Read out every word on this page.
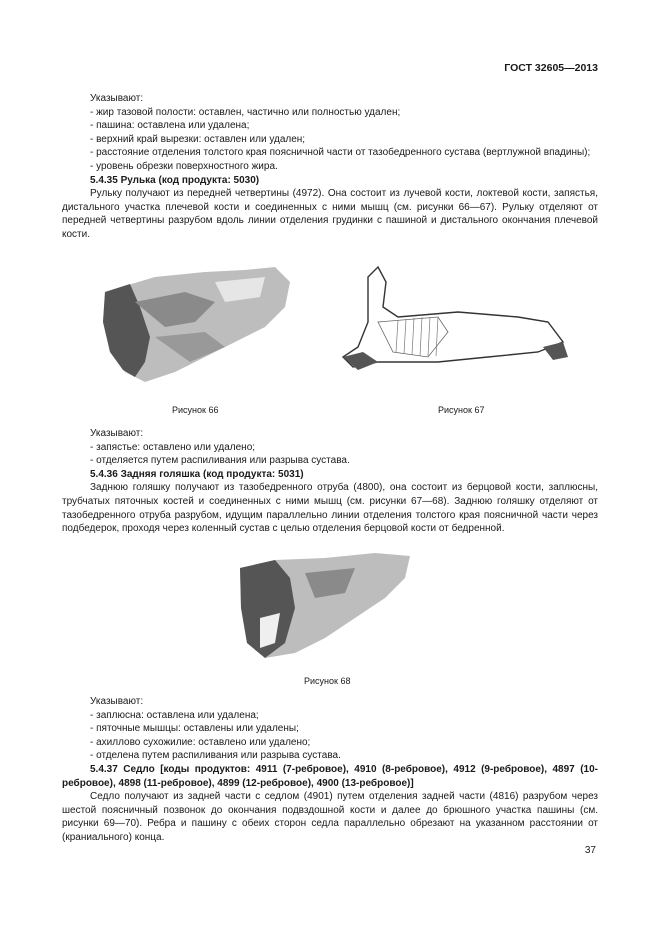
ГОСТ 32605—2013

Указывают:

- жир тазовой полости: оставлен, частично или полностью удален;

- пашина: оставлена или удалена;

- верхний край вырезки: оставлен или удален;

- расстояние отделения толстого края поясничной части от тазобедренного сустава (вертлужной впадины);

- уровень обрезки поверхностного жира.

5.4.35 Рулька (код продукта: 5030)

Рульку получают из передней четвертины (4972). Она состоит из лучевой кости, локтевой кости, запястья, дистального участка плечевой кости и соединенных с ними мышц (см. рисунки 66—67). Рульку отделяют от передней четвертины разрубом вдоль линии отделения грудинки с пашиной и дистального окончания плечевой кости.

Рисунок 66	Рисунок 67

Указывают:

- запястье: оставлено или удалено;

- отделяется путем распиливания или разрыва сустава.

5.4.36 Задняя голяшка (код продукта: 5031)

Заднюю голяшку получают из тазобедренного отруба (4800), она состоит из берцовой кости, заплюсны, трубчатых пяточных костей и соединенных с ними мышц (см. рисунки 67—68). Заднюю голяшку отделяют от тазобедренного отруба разрубом, идущим параллельно линии отделения толстого края поясничной части через подбедерок, проходя через коленный сустав с целью отделения берцовой кости от бедренной.

Рисунок 68

Указывают:

- заплюсна: оставлена или удалена;

- пяточные мышцы: оставлены или удалены;

- ахиллово сухожилие: оставлено или удалено;

- отделена путем распиливания или разрыва сустава.

5.4.37 Седло [коды продуктов: 4911 (7-ребровое), 4910 (8-ребровое), 4912 (9-ребровое), 4897 (10-ребровое), 4898 (11-ребровое), 4899 (12-ребровое), 4900 (13-ребровое)]

Седло получают из задней части с седлом (4901) путем отделения задней части (4816) разрубом через шестой поясничный позвонок до окончания подвздошной кости и далее до брюшного участка пашины (см. рисунки 69—70). Ребра и пашину с обеих сторон седла параллельно обрезают на указанном расстоянии от (краниального) конца.

37
